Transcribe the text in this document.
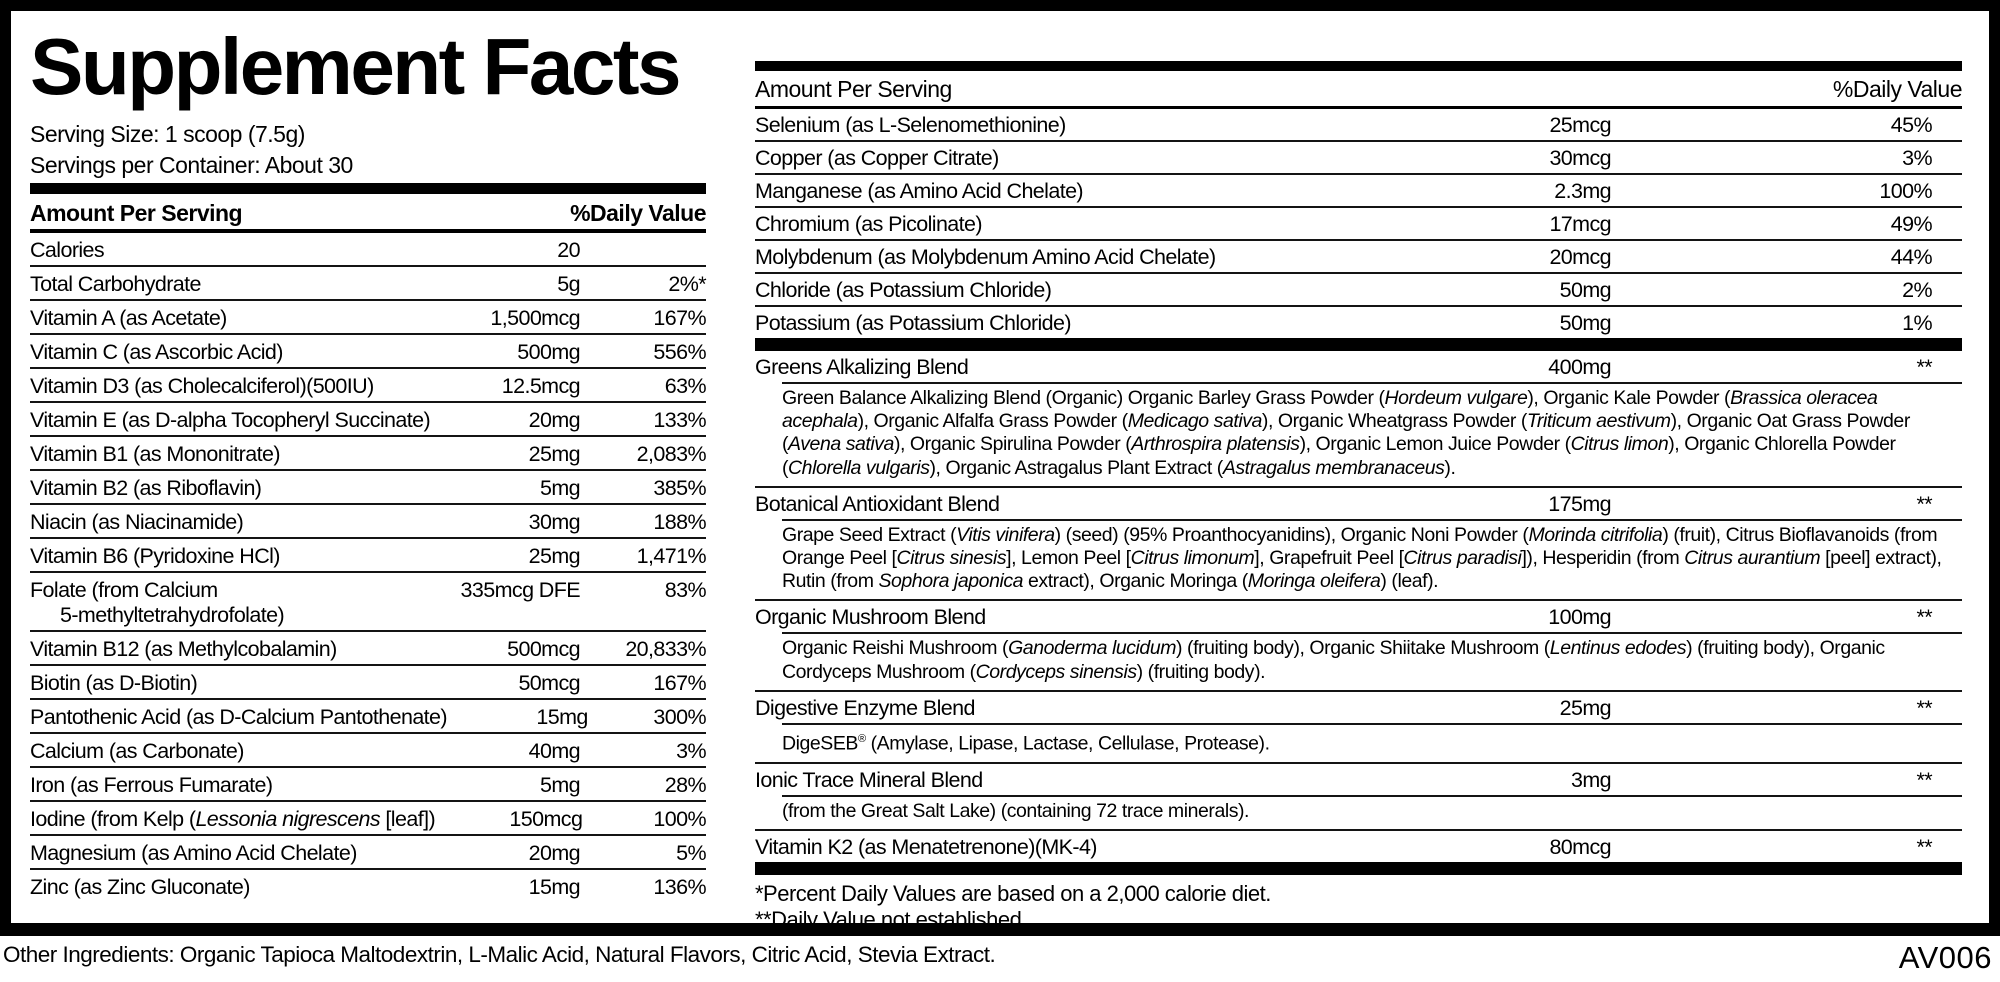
Supplement Facts
Serving Size: 1 scoop (7.5g)
Servings per Container: About 30
Amount Per Serving	%Daily Value
Calories	20
Total Carbohydrate	5g	2%*
Vitamin A (as Acetate)	1,500mcg	167%
Vitamin C (as Ascorbic Acid)	500mg	556%
Vitamin D3 (as Cholecalciferol)(500IU)	12.5mcg	63%
Vitamin E (as D-alpha Tocopheryl Succinate)	20mg	133%
Vitamin B1 (as Mononitrate)	25mg	2,083%
Vitamin B2 (as Riboflavin)	5mg	385%
Niacin (as Niacinamide)	30mg	188%
Vitamin B6 (Pyridoxine HCl)	25mg	1,471%
Folate (from Calcium
5-methyltetrahydrofolate)
335mcg DFE	83%
Vitamin B12 (as Methylcobalamin)	500mcg	20,833%
Biotin (as D-Biotin)	50mcg	167%
Pantothenic Acid (as D-Calcium Pantothenate)	15mg	300%
Calcium (as Carbonate)	40mg	3%
Iron (as Ferrous Fumarate)	5mg	28%
Iodine (from Kelp (Lessonia nigrescens [leaf])	150mcg	100%
Magnesium (as Amino Acid Chelate)	20mg	5%
Zinc (as Zinc Gluconate)	15mg	136%
Amount Per Serving	%Daily Value
Selenium (as L-Selenomethionine)	25mcg	45%
Copper (as Copper Citrate)	30mcg	3%
Manganese (as Amino Acid Chelate)	2.3mg	100%
Chromium (as Picolinate)	17mcg	49%
Molybdenum (as Molybdenum Amino Acid Chelate)	20mcg	44%
Chloride (as Potassium Chloride)	50mg	2%
Potassium (as Potassium Chloride)	50mg	1%
Greens Alkalizing Blend	400mg	**
Green Balance Alkalizing Blend (Organic) Organic Barley Grass Powder (Hordeum vulgare), Organic Kale Powder (Brassica oleracea acephala), Organic Alfalfa Grass Powder (Medicago sativa), Organic Wheatgrass Powder (Triticum aestivum), Organic Oat Grass Powder (Avena sativa), Organic Spirulina Powder (Arthrospira platensis), Organic Lemon Juice Powder (Citrus limon), Organic Chlorella Powder (Chlorella vulgaris), Organic Astragalus Plant Extract (Astragalus membranaceus).
Botanical Antioxidant Blend	175mg	**
Grape Seed Extract (Vitis vinifera) (seed) (95% Proanthocyanidins), Organic Noni Powder (Morinda citrifolia) (fruit), Citrus Bioflavanoids (from Orange Peel [Citrus sinesis], Lemon Peel [Citrus limonum], Grapefruit Peel [Citrus paradisi]), Hesperidin (from Citrus aurantium [peel] extract), Rutin (from Sophora japonica extract), Organic Moringa (Moringa oleifera) (leaf).
Organic Mushroom Blend	100mg	**
Organic Reishi Mushroom (Ganoderma lucidum) (fruiting body), Organic Shiitake Mushroom (Lentinus edodes) (fruiting body), Organic Cordyceps Mushroom (Cordyceps sinensis) (fruiting body).
Digestive Enzyme Blend	25mg	**
DigeSEB® (Amylase, Lipase, Lactase, Cellulase, Protease).
Ionic Trace Mineral Blend	3mg	**
(from the Great Salt Lake) (containing 72 trace minerals).
Vitamin K2 (as Menatetrenone)(MK-4)	80mcg	**
*Percent Daily Values are based on a 2,000 calorie diet.
**Daily Value not established.
Other Ingredients: Organic Tapioca Maltodextrin, L-Malic Acid, Natural Flavors, Citric Acid, Stevia Extract.	AV006
